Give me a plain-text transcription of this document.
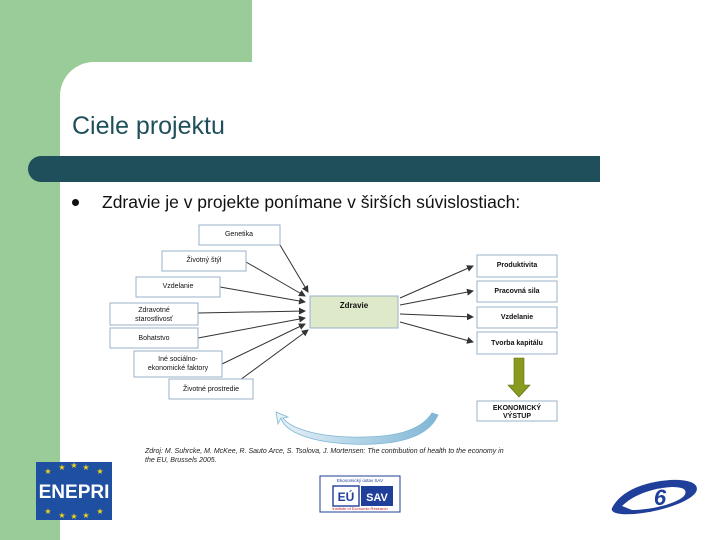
Ciele projektu
Zdravie je v projekte ponímane v širších súvislostiach:
Genetika
Životný štýl
Vzdelanie
Zdravotné
starostlivosť
Bohatstvo
Iné sociálno-
ekonomické faktory
Životné prostredie
Zdravie
Produktivita
Pracovná sila
Vzdelanie
Tvorba kapitálu
EKONOMICKÝ
VÝSTUP
★ ★ ★ ★ ★
★ ★ ★ ★ ★
ENEPRI
Ekonomický ústav SAV
EÚ SAV
Institute of Economic Research	6
Zdroj: M. Suhrcke, M. McKee, R. Sauto Arce, S. Tsolova, J. Mortensen: The contribution of health to the economy in
the EU, Brussels 2005.
